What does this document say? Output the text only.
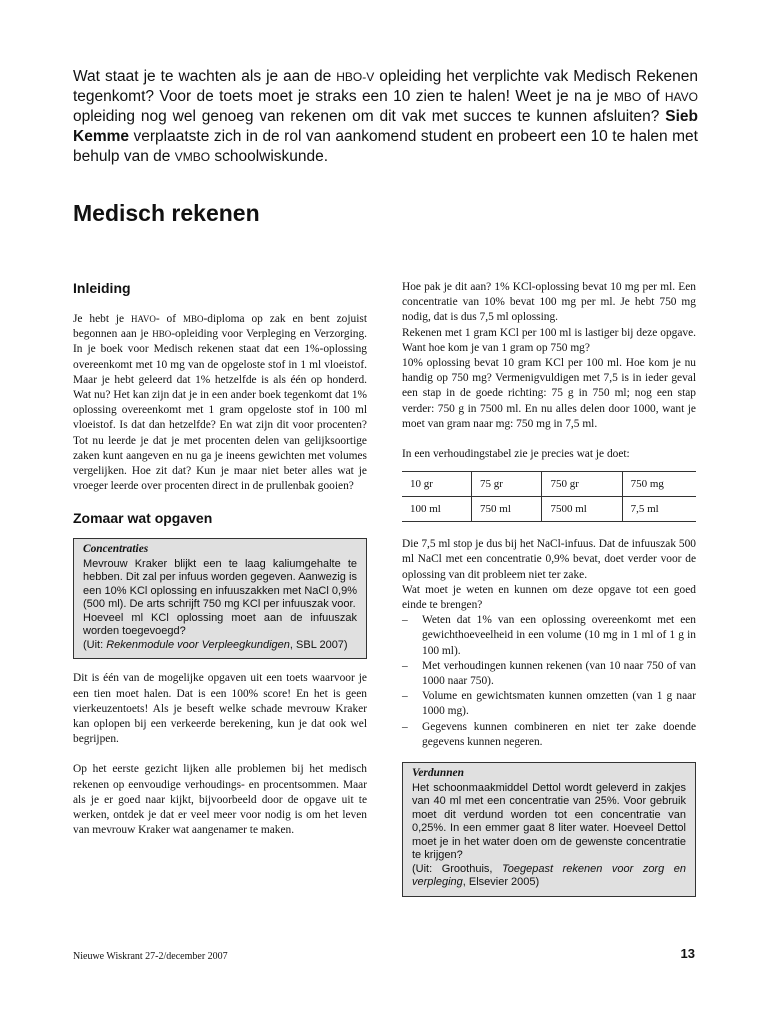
Wat staat je te wachten als je aan de HBO-V opleiding het verplichte vak Medisch Rekenen tegenkomt? Voor de toets moet je straks een 10 zien te halen! Weet je na je MBO of HAVO opleiding nog wel genoeg van rekenen om dit vak met succes te kunnen afsluiten? Sieb Kemme verplaatste zich in de rol van aankomend student en probeert een 10 te halen met behulp van de VMBO schoolwiskunde.

Medisch rekenen
Inleiding

Je hebt je HAVO- of MBO-diploma op zak en bent zojuist begonnen aan je HBO-opleiding voor Verpleging en Verzorging. In je boek voor Medisch rekenen staat dat een 1%-oplossing overeenkomt met 10 mg van de opgeloste stof in 1 ml vloeistof. Maar je hebt geleerd dat 1% hetzelfde is als één op honderd. Wat nu? Het kan zijn dat je in een ander boek tegenkomt dat 1% oplossing overeenkomt met 1 gram opgeloste stof in 100 ml vloeistof. Is dat dan hetzelfde? En wat zijn dit voor procenten? Tot nu leerde je dat je met procenten delen van gelijksoortige zaken kunt aangeven en nu ga je ineens gewichten met volumes vergelijken. Hoe zit dat? Kun je maar niet beter alles wat je vroeger leerde over procenten direct in de prullenbak gooien?

Zomaar wat opgaven
Concentraties
Mevrouw Kraker blijkt een te laag kaliumgehalte te hebben. Dit zal per infuus worden gegeven. Aanwezig is een 10% KCl oplossing en infuuszakken met NaCl 0,9% (500 ml). De arts schrijft 750 mg KCl per infuuszak voor.
Hoeveel ml KCl oplossing moet aan de infuuszak worden toegevoegd?
(Uit: Rekenmodule voor Verpleegkundigen, SBL 2007)

Dit is één van de mogelijke opgaven uit een toets waarvoor je een tien moet halen. Dat is een 100% score! En het is geen vierkeuzentoets! Als je beseft welke schade mevrouw Kraker kan oplopen bij een verkeerde berekening, kun je dat ook wel begrijpen.

Op het eerste gezicht lijken alle problemen bij het medisch rekenen op eenvoudige verhoudings- en procentsommen. Maar als je er goed naar kijkt, bijvoorbeeld door de opgave uit te werken, ontdek je dat er veel meer voor nodig is om het leven van mevrouw Kraker wat aangenamer te maken.

Hoe pak je dit aan? 1% KCl-oplossing bevat 10 mg per ml. Een concentratie van 10% bevat 100 mg per ml. Je hebt 750 mg nodig, dat is dus 7,5 ml oplossing.

Rekenen met 1 gram KCl per 100 ml is lastiger bij deze opgave. Want hoe kom je van 1 gram op 750 mg?

10% oplossing bevat 10 gram KCl per 100 ml. Hoe kom je nu handig op 750 mg? Vermenigvuldigen met 7,5 is in ieder geval een stap in de goede richting: 75 g in 750 ml; nog een stap verder: 750 g in 7500 ml. En nu alles delen door 1000, want je moet van gram naar mg: 750 mg in 7,5 ml.

In een verhoudingstabel zie je precies wat je doet:

10 gr	75 gr	750 gr	750 mg
100 ml	750 ml	7500 ml	7,5 ml

Die 7,5 ml stop je dus bij het NaCl-infuus. Dat de infuuszak 500 ml NaCl met een concentratie 0,9% bevat, doet verder voor de oplossing van dit probleem niet ter zake.

Wat moet je weten en kunnen om deze opgave tot een goed einde te brengen?

– Weten dat 1% van een oplossing overeenkomt met een gewichthoeveelheid in een volume (10 mg in 1 ml of 1 g in 100 ml).
– Met verhoudingen kunnen rekenen (van 10 naar 750 of van 1000 naar 750).
– Volume en gewichtsmaten kunnen omzetten (van 1 g naar 1000 mg).
– Gegevens kunnen combineren en niet ter zake doende gegevens kunnen negeren.
Verdunnen
Het schoonmaakmiddel Dettol wordt geleverd in zakjes van 40 ml met een concentratie van 25%. Voor gebruik moet dit verdund worden tot een concentratie van 0,25%. In een emmer gaat 8 liter water. Hoeveel Dettol moet je in het water doen om de gewenste concentratie te krijgen?
(Uit: Groothuis, Toegepast rekenen voor zorg en verpleging, Elsevier 2005)
Nieuwe Wiskrant 27-2/december 2007	13
